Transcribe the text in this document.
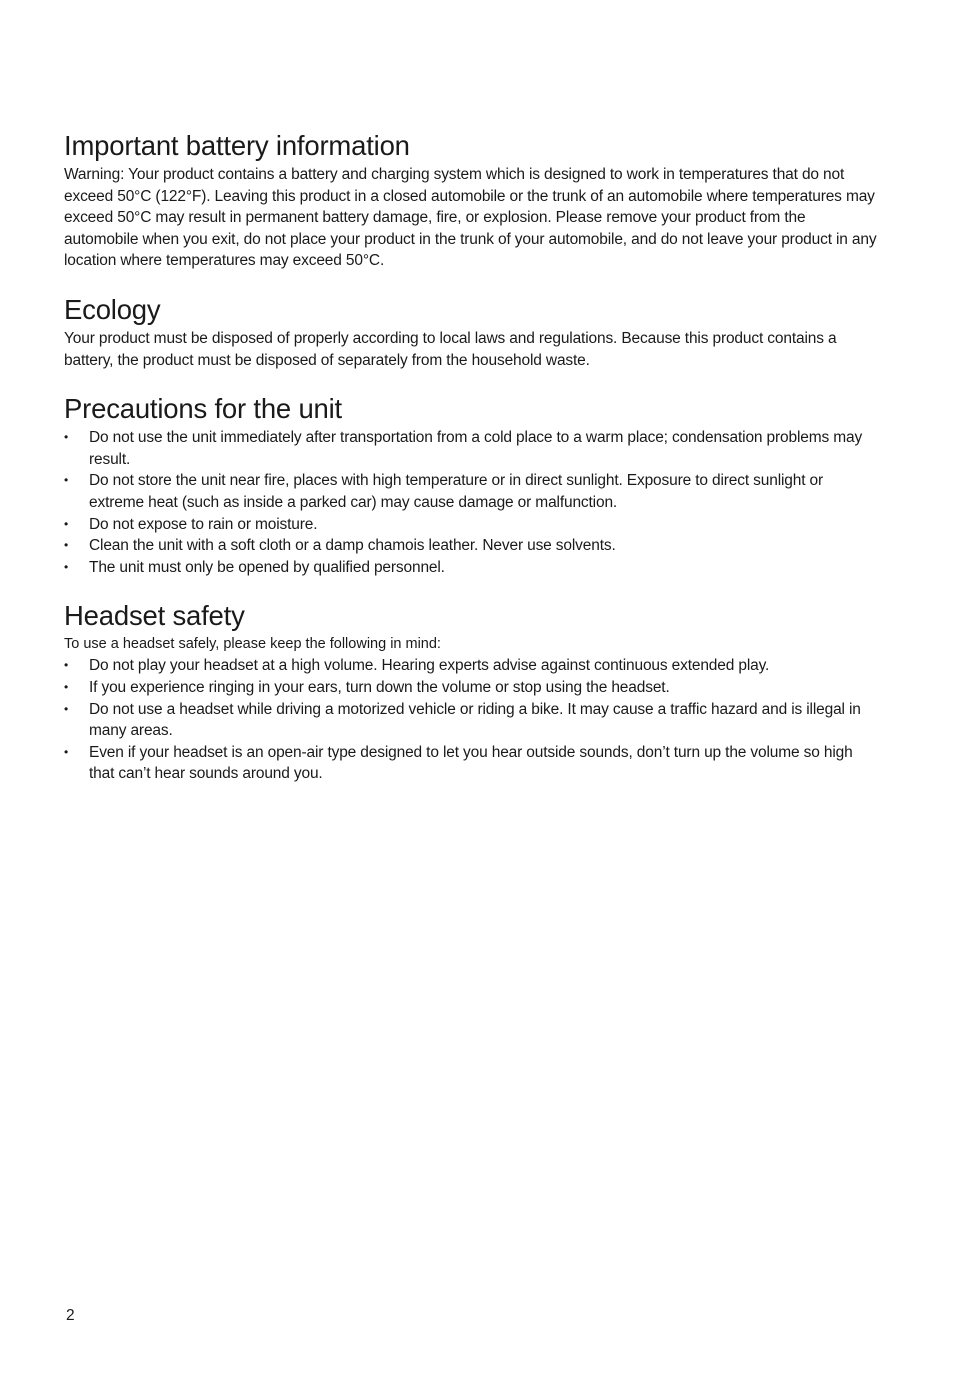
Important battery information

Warning: Your product contains a battery and charging system which is designed to work in temperatures that do not exceed 50°C (122°F). Leaving this product in a closed automobile or the trunk of an automobile where temperatures may exceed 50°C may result in permanent battery damage, fire, or explosion. Please remove your product from the automobile when you exit, do not place your product in the trunk of your automobile, and do not leave your product in any location where temperatures may exceed 50°C.

Ecology

Your product must be disposed of properly according to local laws and regulations. Because this product contains a battery, the product must be disposed of separately from the household waste.

Precautions for the unit
•	Do not use the unit immediately after transportation from a cold place to a warm place; condensation problems may result.
•	Do not store the unit near fire, places with high temperature or in direct sunlight. Exposure to direct sunlight or extreme heat (such as inside a parked car) may cause damage or malfunction.
•	Do not expose to rain or moisture.
•	Clean the unit with a soft cloth or a damp chamois leather. Never use solvents.
•	The unit must only be opened by qualified personnel.
Headset safety

To use a headset safely, please keep the following in mind:

•	Do not play your headset at a high volume. Hearing experts advise against continuous extended play.
•	If you experience ringing in your ears, turn down the volume or stop using the headset.
•	Do not use a headset while driving a motorized vehicle or riding a bike. It may cause a traffic hazard and is illegal in many areas.
•	Even if your headset is an open-air type designed to let you hear outside sounds, don’t turn up the volume so high that can’t hear sounds around you.
2
